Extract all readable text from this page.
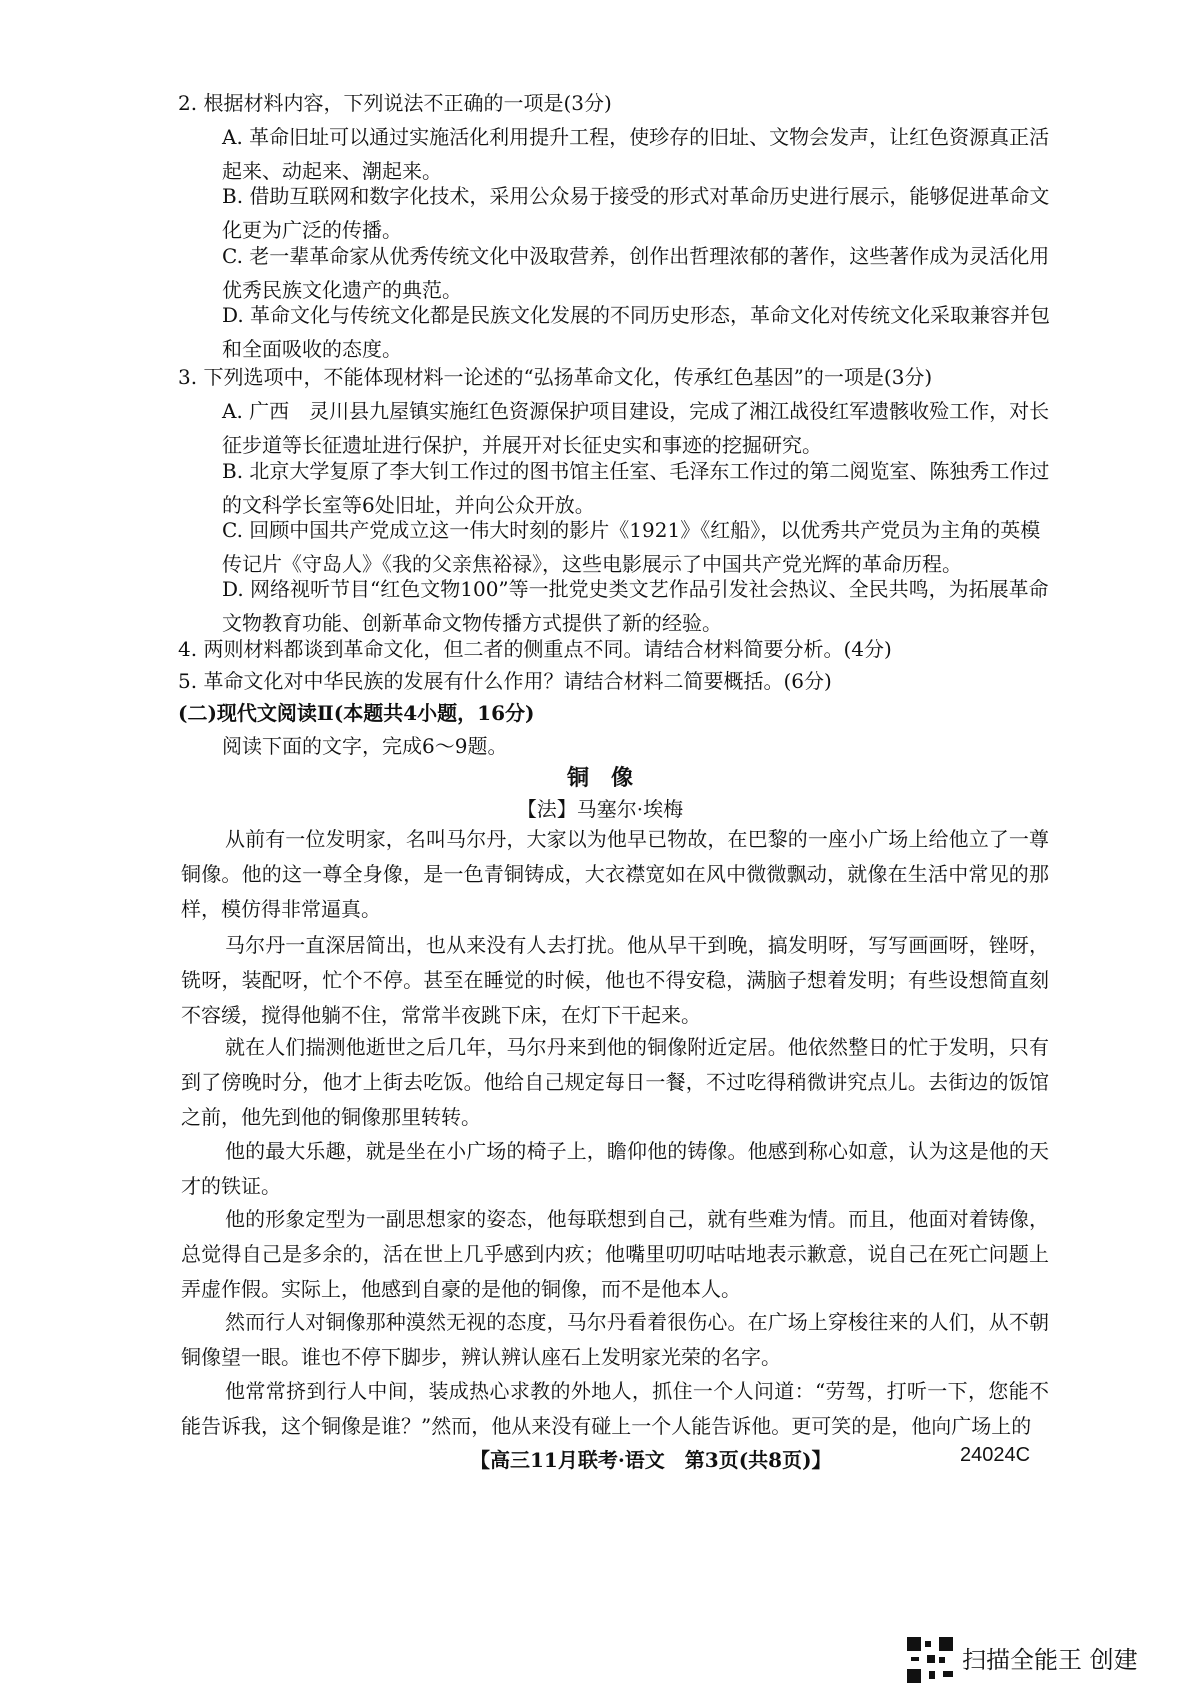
2. 根据材料内容，下列说法不正确的一项是(3分)
A. 革命旧址可以通过实施活化利用提升工程，使珍存的旧址、文物会发声，让红色资源真正活起来、动起来、潮起来。
B. 借助互联网和数字化技术，采用公众易于接受的形式对革命历史进行展示，能够促进革命文化更为广泛的传播。
C. 老一辈革命家从优秀传统文化中汲取营养，创作出哲理浓郁的著作，这些著作成为灵活化用优秀民族文化遗产的典范。
D. 革命文化与传统文化都是民族文化发展的不同历史形态，革命文化对传统文化采取兼容并包和全面吸收的态度。
3. 下列选项中，不能体现材料一论述的“弘扬革命文化，传承红色基因”的一项是(3分)
A. 广西　灵川县九屋镇实施红色资源保护项目建设，完成了湘江战役红军遗骸收殓工作，对长征步道等长征遗址进行保护，并展开对长征史实和事迹的挖掘研究。
B. 北京大学复原了李大钊工作过的图书馆主任室、毛泽东工作过的第二阅览室、陈独秀工作过的文科学长室等6处旧址，并向公众开放。
C. 回顾中国共产党成立这一伟大时刻的影片《1921》《红船》，以优秀共产党员为主角的英模传记片《守岛人》《我的父亲焦裕禄》，这些电影展示了中国共产党光辉的革命历程。
D. 网络视听节目“红色文物100”等一批党史类文艺作品引发社会热议、全民共鸣，为拓展革命文物教育功能、创新革命文物传播方式提供了新的经验。
4. 两则材料都谈到革命文化，但二者的侧重点不同。请结合材料简要分析。(4分)
5. 革命文化对中华民族的发展有什么作用？请结合材料二简要概括。(6分)
(二)现代文阅读Ⅱ(本题共4小题，16分)
阅读下面的文字，完成6～9题。
铜　像
【法】马塞尔·埃梅
从前有一位发明家，名叫马尔丹，大家以为他早已物故，在巴黎的一座小广场上给他立了一尊铜像。他的这一尊全身像，是一色青铜铸成，大衣襟宽如在风中微微飘动，就像在生活中常见的那样，模仿得非常逼真。
马尔丹一直深居简出，也从来没有人去打扰。他从早干到晚，搞发明呀，写写画画呀，锉呀，铣呀，装配呀，忙个不停。甚至在睡觉的时候，他也不得安稳，满脑子想着发明；有些设想简直刻不容缓，搅得他躺不住，常常半夜跳下床，在灯下干起来。
就在人们揣测他逝世之后几年，马尔丹来到他的铜像附近定居。他依然整日的忙于发明，只有到了傍晚时分，他才上街去吃饭。他给自己规定每日一餐，不过吃得稍微讲究点儿。去街边的饭馆之前，他先到他的铜像那里转转。
他的最大乐趣，就是坐在小广场的椅子上，瞻仰他的铸像。他感到称心如意，认为这是他的天才的铁证。
他的形象定型为一副思想家的姿态，他每联想到自己，就有些难为情。而且，他面对着铸像，总觉得自己是多余的，活在世上几乎感到内疚；他嘴里叨叨咕咕地表示歉意，说自己在死亡问题上弄虚作假。实际上，他感到自豪的是他的铜像，而不是他本人。
然而行人对铜像那种漠然无视的态度，马尔丹看着很伤心。在广场上穿梭往来的人们，从不朝铜像望一眼。谁也不停下脚步，辨认辨认座石上发明家光荣的名字。
他常常挤到行人中间，装成热心求教的外地人，抓住一个人问道：“劳驾，打听一下，您能不能告诉我，这个铜像是谁？”然而，他从来没有碰上一个人能告诉他。更可笑的是，他向广场上的
【高三11月联考·语文　第3页(共8页)】	24024C
扫描全能王 创建
